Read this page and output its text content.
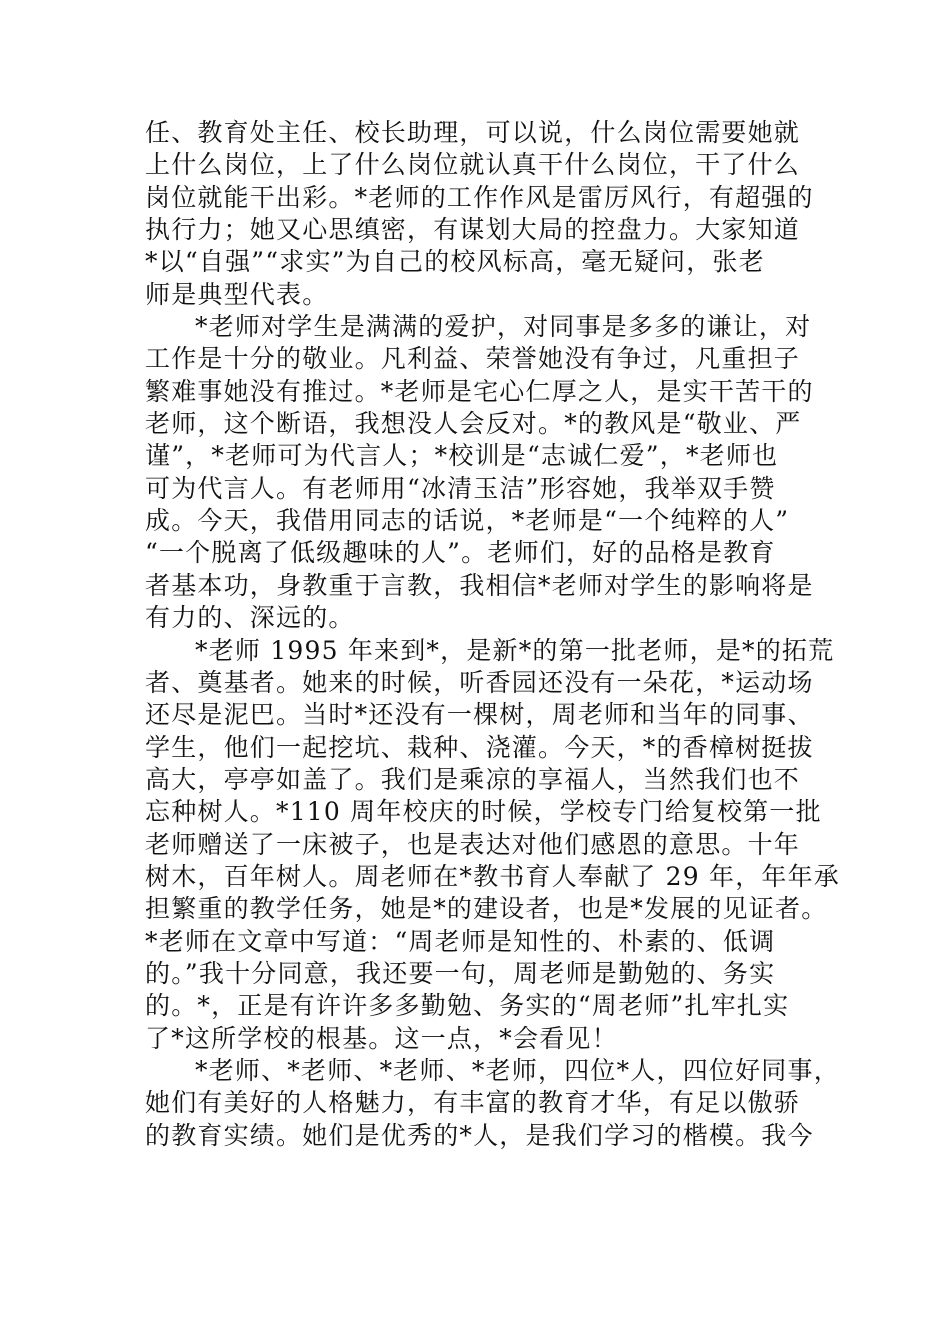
任、教育处主任、校长助理，可以说，什么岗位需要她就
上什么岗位，上了什么岗位就认真干什么岗位，干了什么
岗位就能干出彩。*老师的工作作风是雷厉风行，有超强的
执行力；她又心思缜密，有谋划大局的控盘力。大家知道
*以“自强”“求实”为自己的校风标高，毫无疑问，张老
师是典型代表。
*老师对学生是满满的爱护，对同事是多多的谦让，对
工作是十分的敬业。凡利益、荣誉她没有争过，凡重担子
繁难事她没有推过。*老师是宅心仁厚之人，是实干苦干的
老师，这个断语，我想没人会反对。*的教风是“敬业、严
谨”，*老师可为代言人；*校训是“志诚仁爱”，*老师也
可为代言人。有老师用“冰清玉洁”形容她，我举双手赞
成。今天，我借用同志的话说，*老师是“一个纯粹的人”
“一个脱离了低级趣味的人”。老师们，好的品格是教育
者基本功，身教重于言教，我相信*老师对学生的影响将是
有力的、深远的。
*老师 1995 年来到*，是新*的第一批老师，是*的拓荒
者、奠基者。她来的时候，听香园还没有一朵花，*运动场
还尽是泥巴。当时*还没有一棵树，周老师和当年的同事、
学生，他们一起挖坑、栽种、浇灌。今天，*的香樟树挺拔
高大，亭亭如盖了。我们是乘凉的享福人，当然我们也不
忘种树人。*110 周年校庆的时候，学校专门给复校第一批
老师赠送了一床被子，也是表达对他们感恩的意思。十年
树木，百年树人。周老师在*教书育人奉献了 29 年，年年承
担繁重的教学任务，她是*的建设者，也是*发展的见证者。
*老师在文章中写道：“周老师是知性的、朴素的、低调
的。”我十分同意，我还要一句，周老师是勤勉的、务实
的。*，正是有许许多多勤勉、务实的“周老师”扎牢扎实
了*这所学校的根基。这一点，*会看见！
*老师、*老师、*老师、*老师，四位*人，四位好同事，
她们有美好的人格魅力，有丰富的教育才华，有足以傲骄
的教育实绩。她们是优秀的*人，是我们学习的楷模。我今
